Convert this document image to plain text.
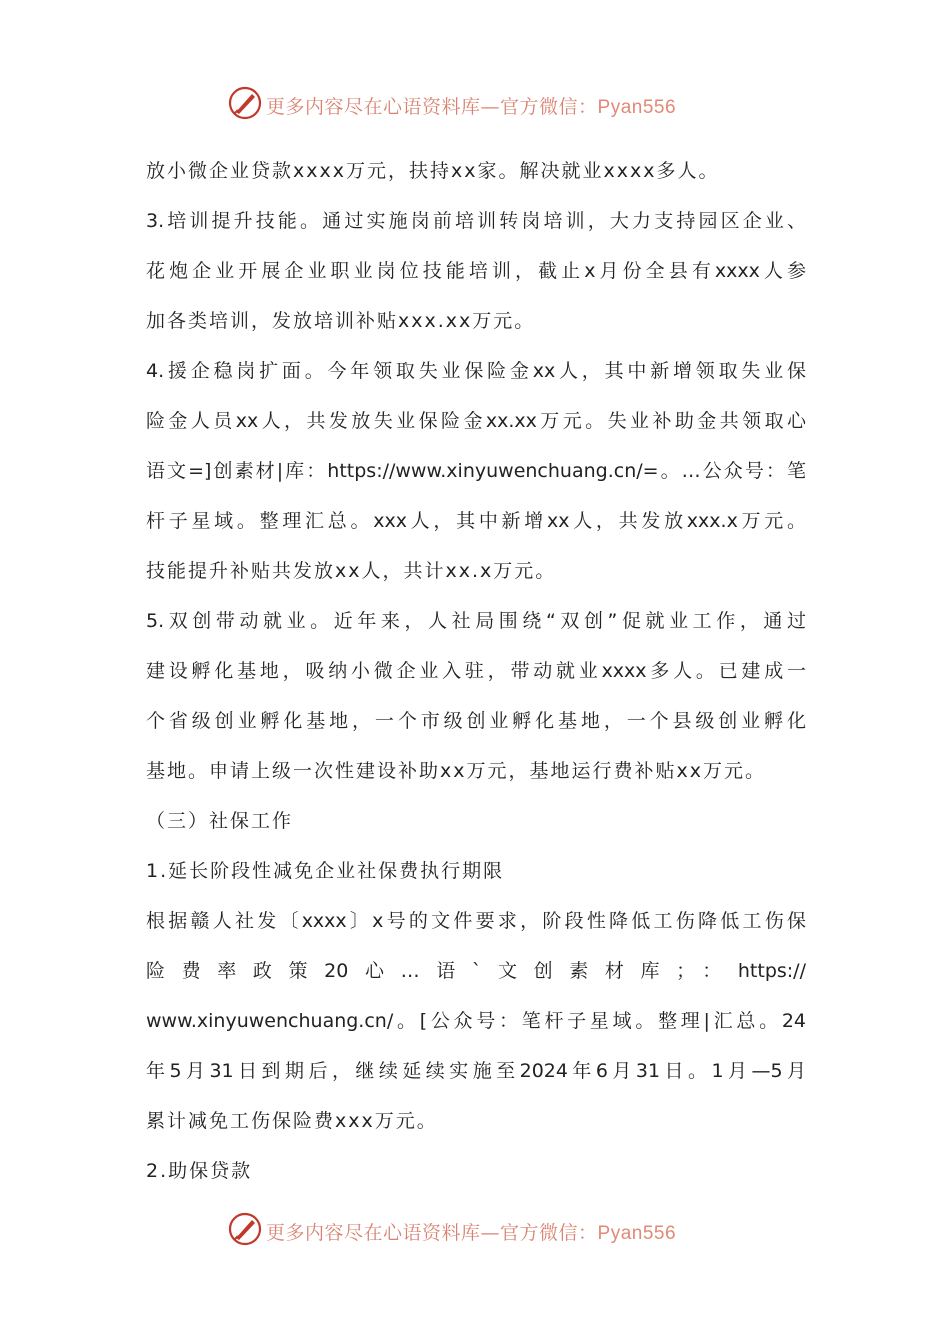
更多内容尽在心语资料库—官方微信：Pyan556
放小微企业贷款xxxx万元，扶持xx家。解决就业xxxx多人。
3.培训提升技能。通过实施岗前培训转岗培训，大力支持园区企业、
花炮企业开展企业职业岗位技能培训，截止x月份全县有xxxx人参
加各类培训，发放培训补贴xxx.xx万元。
4.援企稳岗扩面。今年领取失业保险金xx人，其中新增领取失业保
险金人员xx人，共发放失业保险金xx.xx万元。失业补助金共领取心
语文=]创素材|库：https://www.xinyuwenchuang.cn/=。…公众号：笔
杆子星域。整理汇总。xxx人，其中新增xx人，共发放xxx.x万元。
技能提升补贴共发放xx人，共计xx.x万元。
5.双创带动就业。近年来，人社局围绕“双创”促就业工作，通过
建设孵化基地，吸纳小微企业入驻，带动就业xxxx多人。已建成一
个省级创业孵化基地，一个市级创业孵化基地，一个县级创业孵化
基地。申请上级一次性建设补助xx万元，基地运行费补贴xx万元。
（三）社保工作
1.延长阶段性减免企业社保费执行期限
根据赣人社发〔xxxx〕x号的文件要求，阶段性降低工伤降低工伤保
险费率政策20心…语`文创素材库；：https://
www.xinyuwenchuang.cn/。[公众号：笔杆子星域。整理|汇总。24
年5月31日到期后，继续延续实施至2024年6月31日。1月—5月
累计减免工伤保险费xxx万元。
2.助保贷款
更多内容尽在心语资料库—官方微信：Pyan556
